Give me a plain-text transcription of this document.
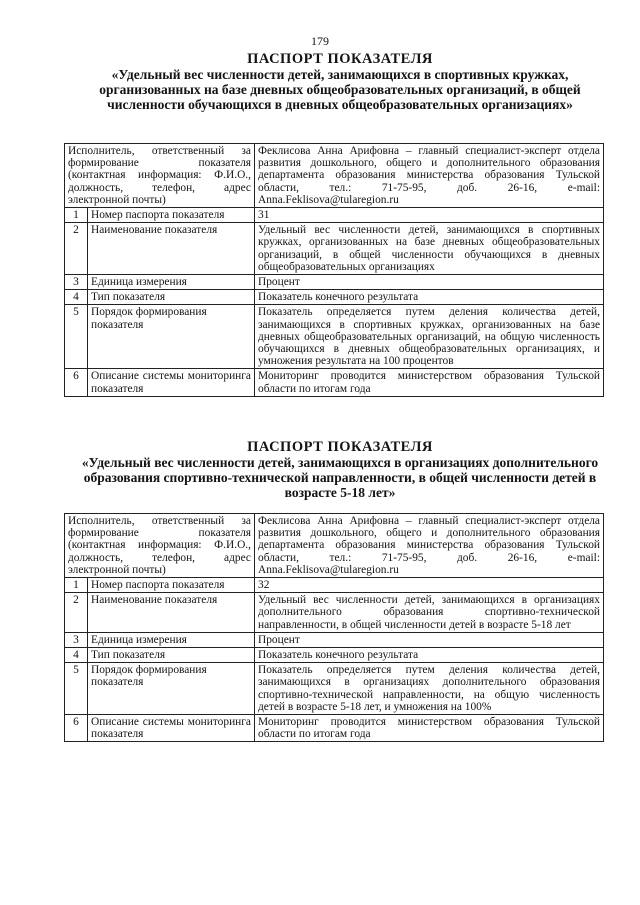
179
ПАСПОРТ ПОКАЗАТЕЛЯ
«Удельный вес численности детей, занимающихся в спортивных кружках, организованных на базе дневных общеобразовательных организаций, в общей численности обучающихся в дневных общеобразовательных организациях»
Исполнитель, ответственный за формирование показателя (контактная информация: Ф.И.О., должность, телефон, адрес электронной почты)		Феклисова Анна Арифовна – главный специалист-эксперт отдела развития дошкольного, общего и дополнительного образования департамента образования министерства образования Тульской области, тел.: 71-75-95, доб. 26-16, e-mail: Anna.Feklisova@tularegion.ru
1	Номер паспорта показателя	31
2	Наименование показателя	Удельный вес численности детей, занимающихся в спортивных кружках, организованных на базе дневных общеобразовательных организаций, в общей численности обучающихся в дневных общеобразовательных организациях
3	Единица измерения	Процент
4	Тип показателя	Показатель конечного результата
5	Порядок формирования показателя	Показатель определяется путем деления количества детей, занимающихся в спортивных кружках, организованных на базе дневных общеобразовательных организаций, на общую численность обучающихся в дневных общеобразовательных организациях, и умножения результата на 100 процентов
6	Описание системы мониторинга показателя	Мониторинг проводится министерством образования Тульской области по итогам года
ПАСПОРТ ПОКАЗАТЕЛЯ
«Удельный вес численности детей, занимающихся в организациях дополнительного образования спортивно-технической направленности, в общей численности детей в возрасте 5-18 лет»
Исполнитель, ответственный за формирование показателя (контактная информация: Ф.И.О., должность, телефон, адрес электронной почты)		Феклисова Анна Арифовна – главный специалист-эксперт отдела развития дошкольного, общего и дополнительного образования департамента образования министерства образования Тульской области, тел.: 71-75-95, доб. 26-16, e-mail: Anna.Feklisova@tularegion.ru
1	Номер паспорта показателя	32
2	Наименование показателя	Удельный вес численности детей, занимающихся в организациях дополнительного образования спортивно-технической направленности, в общей численности детей в возрасте 5-18 лет
3	Единица измерения	Процент
4	Тип показателя	Показатель конечного результата
5	Порядок формирования показателя	Показатель определяется путем деления количества детей, занимающихся в организациях дополнительного образования спортивно-технической направленности, на общую численность детей в возрасте 5-18 лет, и умножения на 100%
6	Описание системы мониторинга показателя	Мониторинг проводится министерством образования Тульской области по итогам года
